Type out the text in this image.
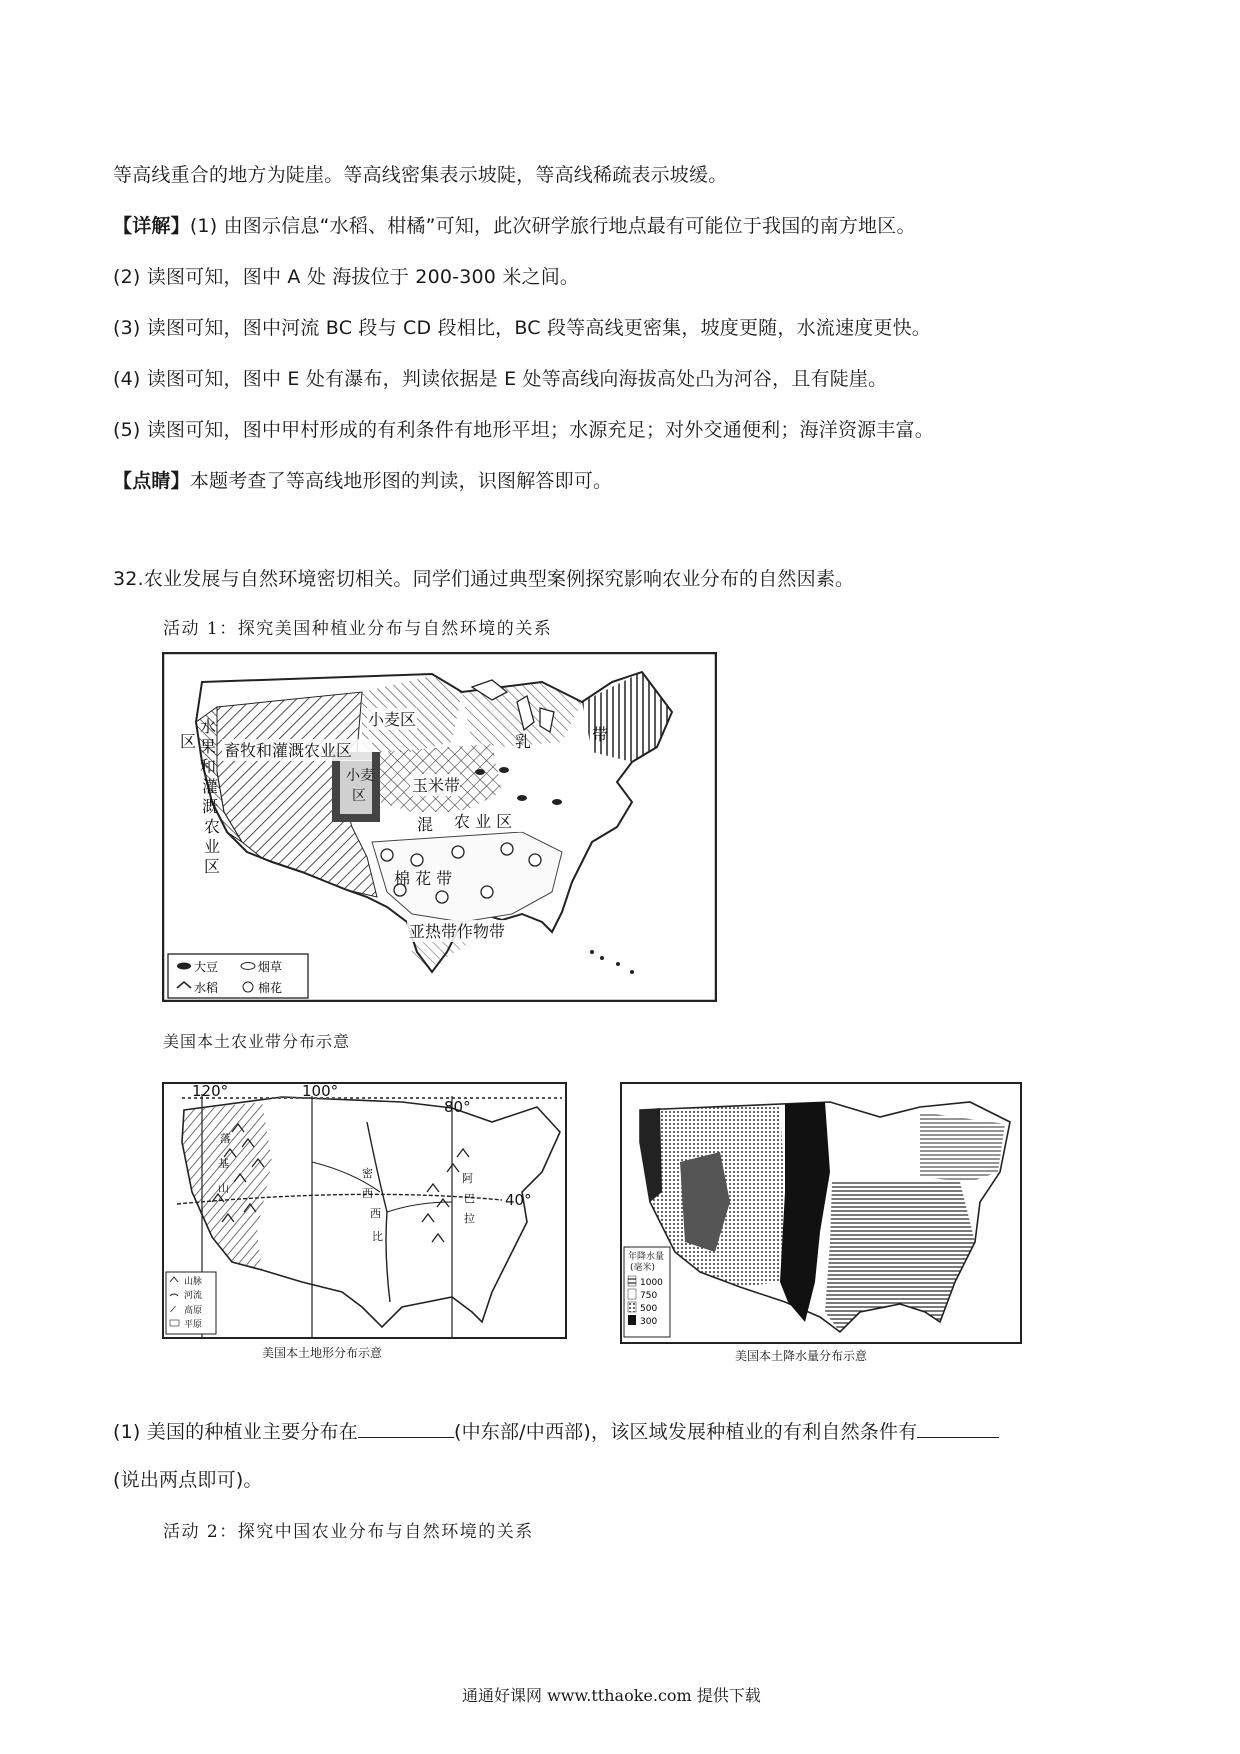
等高线重合的地方为陡崖。等高线密集表示坡陡，等高线稀疏表示坡缓。
【详解】(1) 由图示信息“水稻、柑橘”可知，此次研学旅行地点最有可能位于我国的南方地区。
(2) 读图可知，图中 A 处 海拔位于 200-300 米之间。
(3) 读图可知，图中河流 BC 段与 CD 段相比，BC 段等高线更密集，坡度更随，水流速度更快。
(4) 读图可知，图中 E 处有瀑布，判读依据是 E 处等高线向海拔高处凸为河谷，且有陡崖。
(5) 读图可知，图中甲村形成的有利条件有地形平坦；水源充足；对外交通便利；海洋资源丰富。
【点睛】本题考查了等高线地形图的判读，识图解答即可。
32.农业发展与自然环境密切相关。同学们通过典型案例探究影响农业分布的自然因素。
活动 1：探究美国种植业分布与自然环境的关系
小麦区
畜牧和灌溉农业区
玉米带
混 农 业 区
棉 花 带
亚热带作物带
乳	带
小麦
区
区
水
果
和
灌
溉
农
业
区
大豆	烟草
水稻	棉花
美国本土农业带分布示意
120°	100°
80°
40°
密
西
西
比
阿
巴
拉
落
基
山
山脉
河流
高原
平原
美国本土地形分布示意
年降水量
(毫米)
1000
750
500
300
美国本土降水量分布示意
(1) 美国的种植业主要分布在	(中东部/中西部)，该区域发展种植业的有利自然条件有
(说出两点即可)。
活动 2：探究中国农业分布与自然环境的关系
通通好课网 www.tthaoke.com 提供下载
